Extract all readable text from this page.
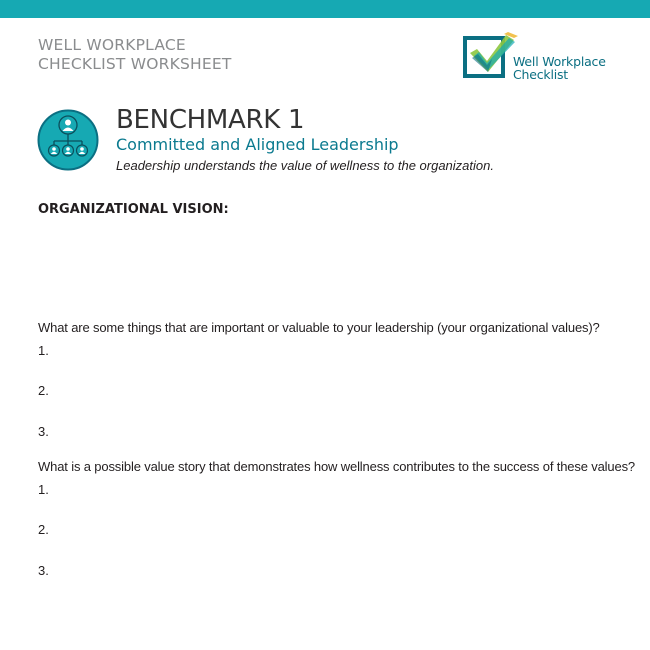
WELL WORKPLACE
CHECKLIST WORKSHEET	Well Workplace
Checklist
BENCHMARK 1
Committed and Aligned Leadership
Leadership understands the value of wellness to the organization.
ORGANIZATIONAL VISION:
What are some things that are important or valuable to your leadership (your organizational values)?
1.
2.
3.
What is a possible value story that demonstrates how wellness contributes to the success of these values?
1.
2.
3.
